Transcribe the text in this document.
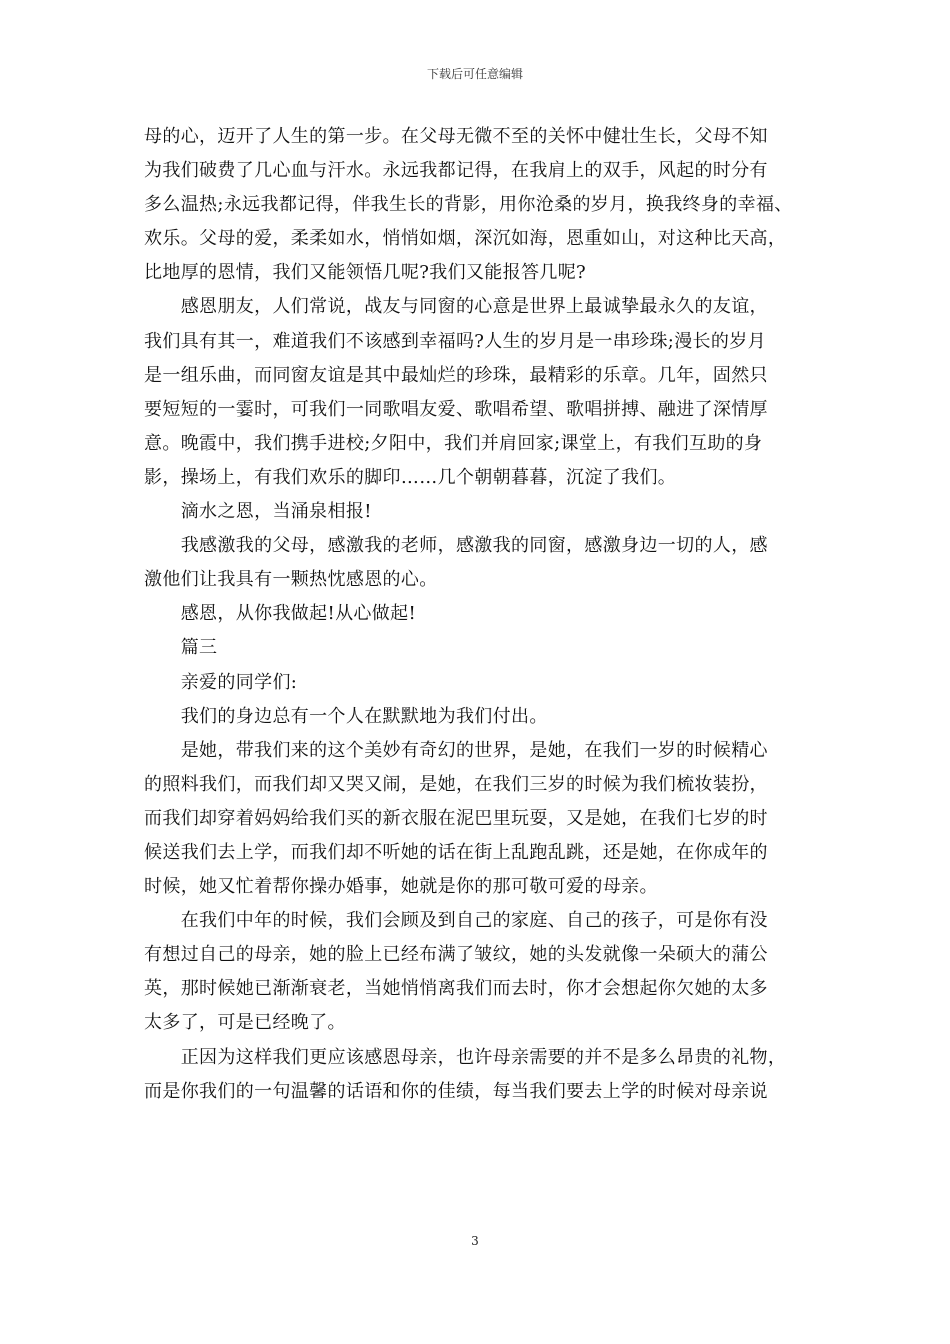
下载后可任意编辑

母的心，迈开了人生的第一步。在父母无微不至的关怀中健壮生长，父母不知
为我们破费了几心血与汗水。永远我都记得，在我肩上的双手，风起的时分有
多么温热;永远我都记得，伴我生长的背影，用你沧桑的岁月，换我终身的幸福、
欢乐。父母的爱，柔柔如水，悄悄如烟，深沉如海，恩重如山，对这种比天高，
比地厚的恩情，我们又能领悟几呢?我们又能报答几呢?

　　感恩朋友，人们常说，战友与同窗的心意是世界上最诚挚最永久的友谊，
我们具有其一，难道我们不该感到幸福吗?人生的岁月是一串珍珠;漫长的岁月
是一组乐曲，而同窗友谊是其中最灿烂的珍珠，最精彩的乐章。几年，固然只
要短短的一霎时，可我们一同歌唱友爱、歌唱希望、歌唱拼搏、融进了深情厚
意。晚霞中，我们携手进校;夕阳中，我们并肩回家;课堂上，有我们互助的身
影，操场上，有我们欢乐的脚印……几个朝朝暮暮，沉淀了我们。

　　滴水之恩，当涌泉相报!

　　我感激我的父母，感激我的老师，感激我的同窗，感激身边一切的人，感
激他们让我具有一颗热忱感恩的心。

　　感恩，从你我做起!从心做起!

　　篇三

　　亲爱的同学们:

　　我们的身边总有一个人在默默地为我们付出。

　　是她，带我们来的这个美妙有奇幻的世界，是她，在我们一岁的时候精心
的照料我们，而我们却又哭又闹，是她，在我们三岁的时候为我们梳妆装扮，
而我们却穿着妈妈给我们买的新衣服在泥巴里玩耍，又是她，在我们七岁的时
候送我们去上学，而我们却不听她的话在街上乱跑乱跳，还是她，在你成年的
时候，她又忙着帮你操办婚事，她就是你的那可敬可爱的母亲。

　　在我们中年的时候，我们会顾及到自己的家庭、自己的孩子，可是你有没
有想过自己的母亲，她的脸上已经布满了皱纹，她的头发就像一朵硕大的蒲公
英，那时候她已渐渐衰老，当她悄悄离我们而去时，你才会想起你欠她的太多
太多了，可是已经晚了。

　　正因为这样我们更应该感恩母亲，也许母亲需要的并不是多么昂贵的礼物，
而是你我们的一句温馨的话语和你的佳绩，每当我们要去上学的时候对母亲说

3
